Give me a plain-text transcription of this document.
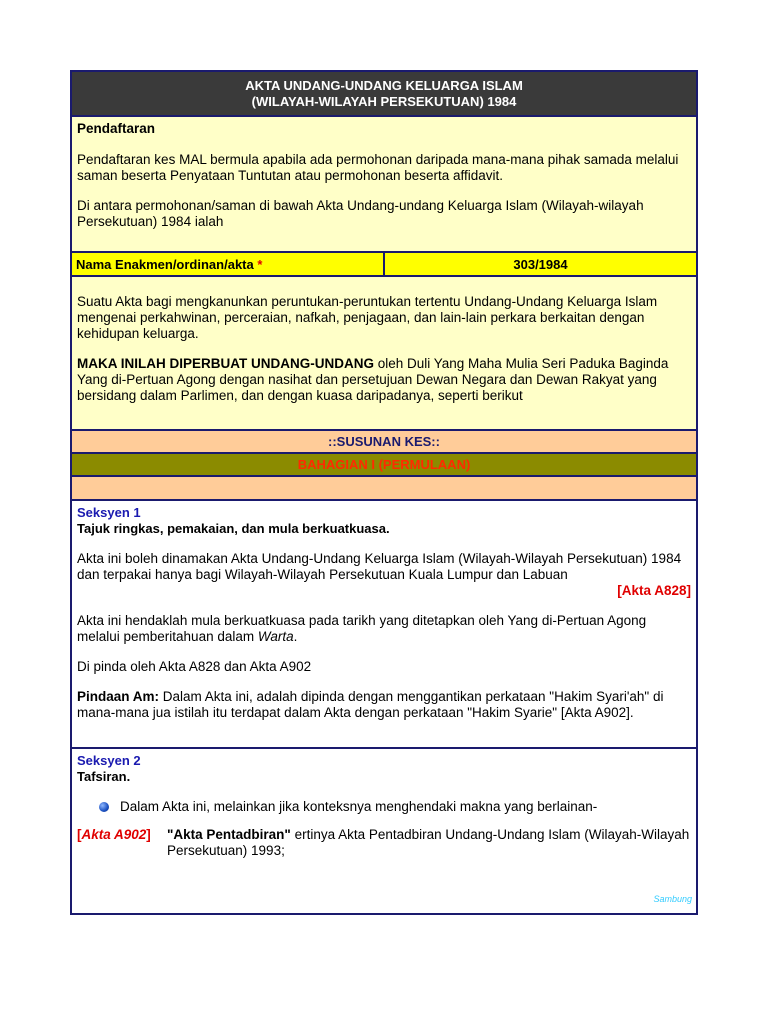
AKTA UNDANG-UNDANG KELUARGA ISLAM
(WILAYAH-WILAYAH PERSEKUTUAN) 1984

Pendaftaran

Pendaftaran kes MAL bermula apabila ada permohonan daripada mana-mana pihak samada melalui saman beserta Penyataan Tuntutan atau permohonan beserta affidavit.

Di antara permohonan/saman di bawah Akta Undang-undang Keluarga Islam (Wilayah-wilayah Persekutuan) 1984 ialah

Nama Enakmen/ordinan/akta
*	303/1984

Suatu Akta bagi mengkanunkan peruntukan-peruntukan tertentu Undang-Undang Keluarga Islam mengenai perkahwinan, perceraian, nafkah, penjagaan, dan lain-lain perkara berkaitan dengan kehidupan keluarga.

MAKA INILAH DIPERBUAT UNDANG-UNDANG oleh Duli Yang Maha Mulia Seri Paduka Baginda Yang di-Pertuan Agong dengan nasihat dan persetujuan Dewan Negara dan Dewan Rakyat yang bersidang dalam Parlimen, dan dengan kuasa daripadanya, seperti berikut

::SUSUNAN KES::
BAHAGIAN I (PERMULAAN)

Seksyen 1

Tajuk ringkas, pemakaian, dan mula berkuatkuasa.

Akta ini boleh dinamakan Akta Undang-Undang Keluarga Islam (Wilayah-Wilayah Persekutuan) 1984 dan terpakai hanya bagi Wilayah-Wilayah Persekutuan Kuala Lumpur dan Labuan

[Akta A828]

Akta ini hendaklah mula berkuatkuasa pada tarikh yang ditetapkan oleh Yang di-Pertuan Agong melalui pemberitahuan dalam Warta.

Di pinda oleh Akta A828 dan Akta A902

Pindaan Am: Dalam Akta ini, adalah dipinda dengan menggantikan perkataan "Hakim Syari'ah" di mana-mana jua istilah itu terdapat dalam Akta dengan perkataan "Hakim Syarie" [Akta A902].

Seksyen 2

Tafsiran.

Dalam Akta ini, melainkan jika konteksnya menghendaki makna yang berlainan-
[Akta A902]	"Akta Pentadbiran" ertinya Akta Pentadbiran Undang-Undang Islam (Wilayah-Wilayah Persekutuan) 1993;
Sambung
